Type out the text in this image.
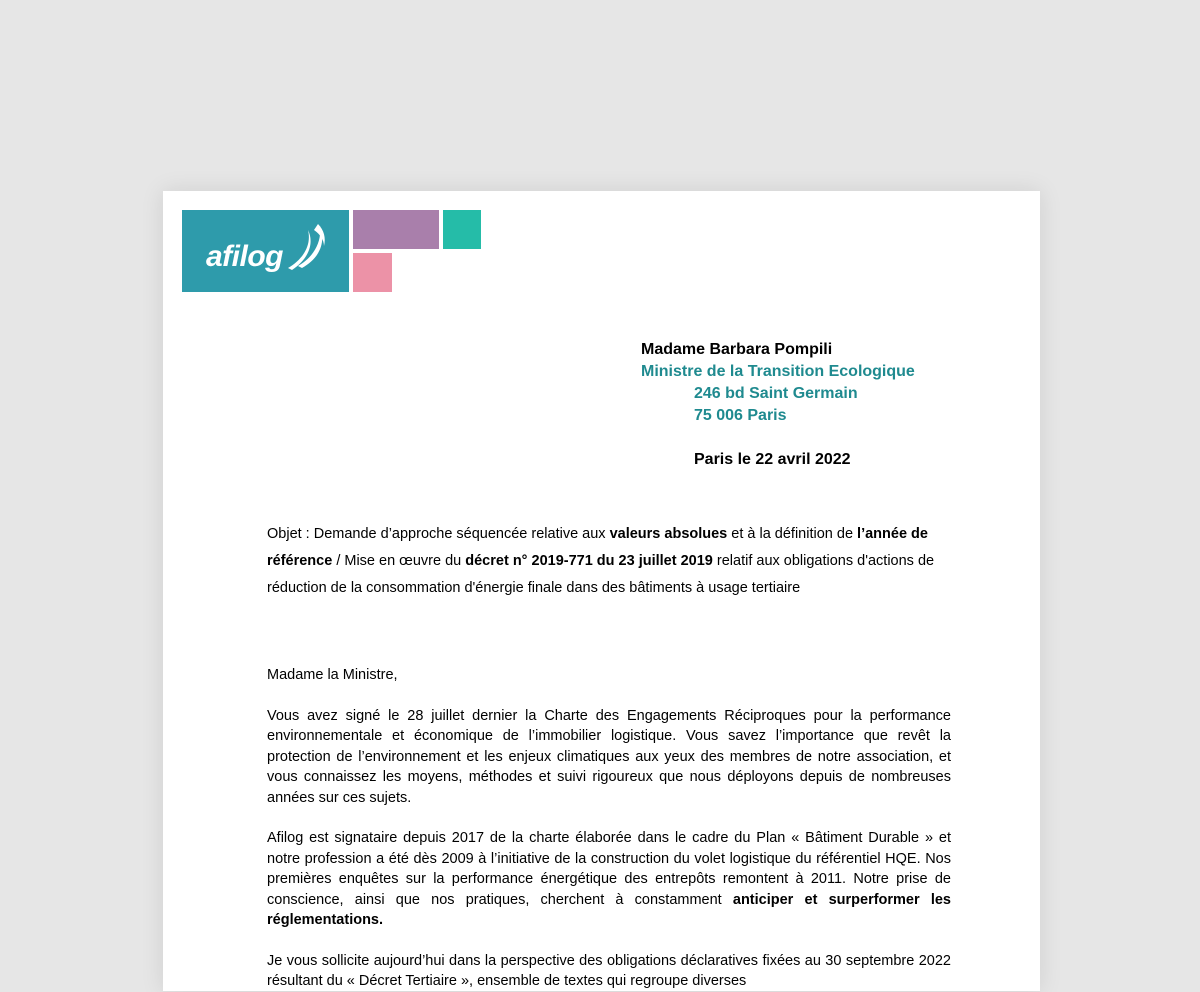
afilog
Madame Barbara Pompili
Ministre de la Transition Ecologique
246 bd Saint Germain
75 006 Paris
Paris le 22 avril 2022

Objet : Demande d’approche séquencée relative aux valeurs absolues et à la définition de l’année de référence / Mise en œuvre du décret n° 2019-771 du 23 juillet 2019 relatif aux obligations d'actions de réduction de la consommation d'énergie finale dans des bâtiments à usage tertiaire

Madame la Ministre,

Vous avez signé le 28 juillet dernier la Charte des Engagements Réciproques pour la performance environnementale et économique de l’immobilier logistique. Vous savez l’importance que revêt la protection de l’environnement et les enjeux climatiques aux yeux des membres de notre association, et vous connaissez les moyens, méthodes et suivi rigoureux que nous déployons depuis de nombreuses années sur ces sujets.

Afilog est signataire depuis 2017 de la charte élaborée dans le cadre du Plan « Bâtiment Durable » et notre profession a été dès 2009 à l’initiative de la construction du volet logistique du référentiel HQE. Nos premières enquêtes sur la performance énergétique des entrepôts remontent à 2011. Notre prise de conscience, ainsi que nos pratiques, cherchent à constamment anticiper et surperformer les réglementations.

Je vous sollicite aujourd’hui dans la perspective des obligations déclaratives fixées au 30 septembre 2022 résultant du « Décret Tertiaire », ensemble de textes qui regroupe diverses
